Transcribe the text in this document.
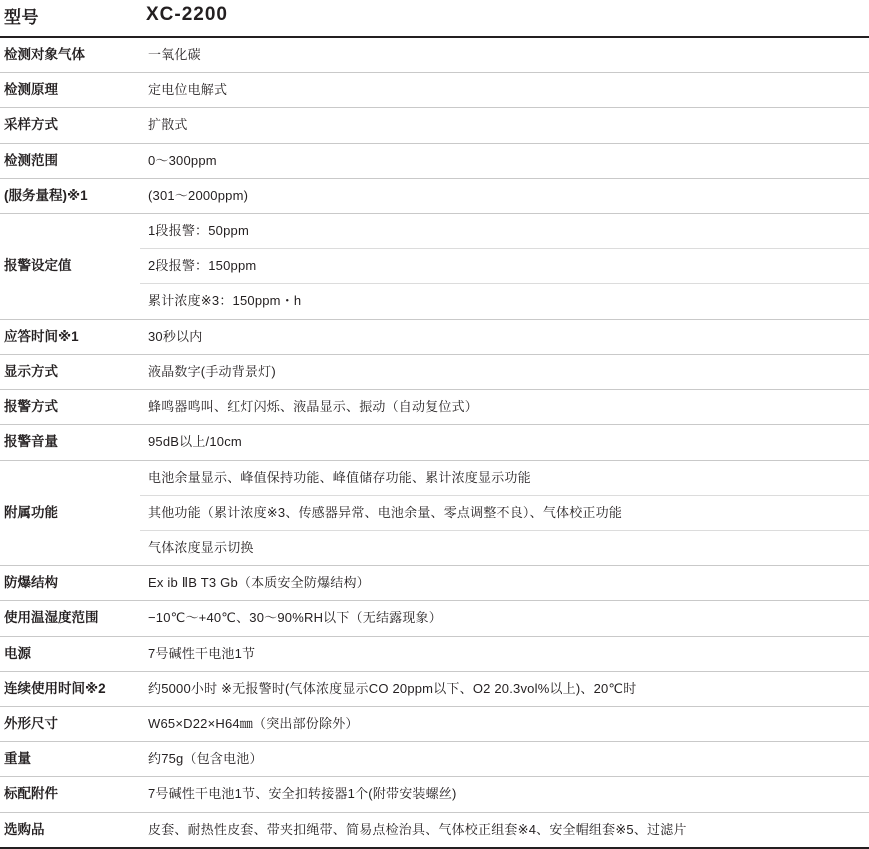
型号	XC-2200
检测对象气体	一氧化碳
检测原理	定电位电解式
采样方式	扩散式
检测范围	0〜300ppm
(服务量程)※1	(301〜2000ppm)
报警设定值	1段报警：50ppm
	2段报警：150ppm
	累计浓度※3：150ppm・h
应答时间※1	30秒以内
显示方式	液晶数字(手动背景灯)
报警方式	蜂鸣器鸣叫、红灯闪烁、液晶显示、振动（自动复位式）
报警音量	95dB以上/10cm
附属功能	电池余量显示、峰值保持功能、峰值储存功能、累计浓度显示功能
	其他功能（累计浓度※3、传感器异常、电池余量、零点调整不良）、气体校正功能
	气体浓度显示切换
防爆结构	Ex ib ⅡB T3 Gb（本质安全防爆结构）
使用温湿度范围	−10℃〜+40℃、30〜90%RH以下（无结露现象）
电源	7号碱性干电池1节
连续使用时间※2	约5000小时 ※无报警时(气体浓度显示CO 20ppm以下、O2 20.3vol%以上)、20℃时
外形尺寸	W65×D22×H64㎜（突出部份除外）
重量	约75g（包含电池）
标配附件	7号碱性干电池1节、安全扣转接器1个(附带安装螺丝)
选购品	皮套、耐热性皮套、带夹扣绳带、简易点检治具、气体校正组套※4、安全帽组套※5、过滤片
